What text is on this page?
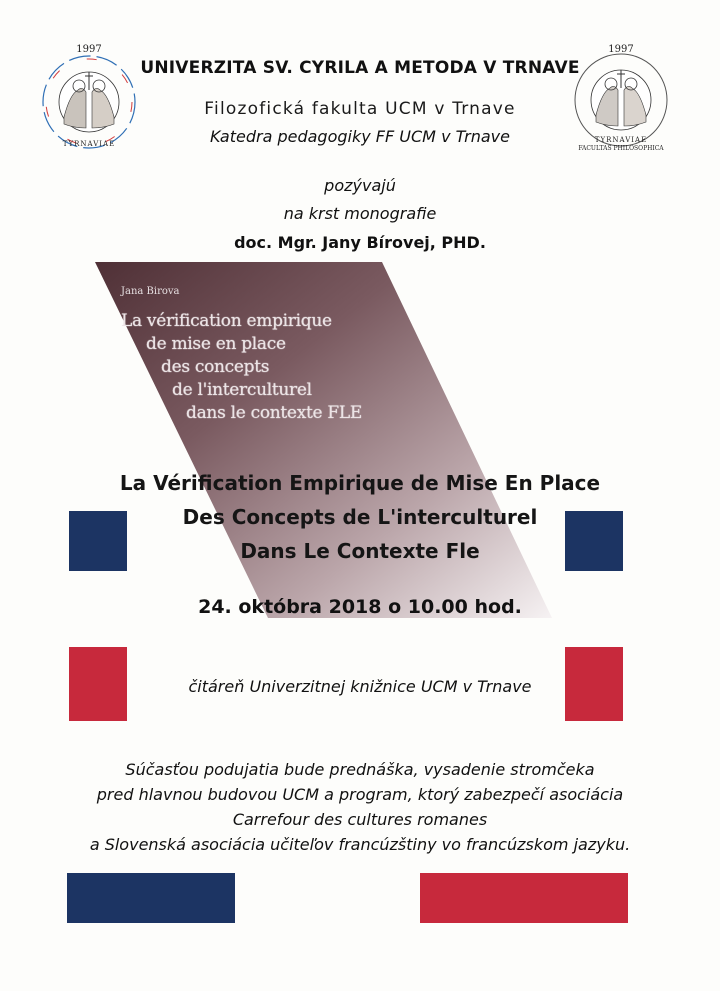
1997
TYRNAVIAE
1997
TYRNAVIAE
FACULTAS PHILOSOPHICA
UNIVERZITA SV. CYRILA A METODA V TRNAVE
Filozofická fakulta UCM v Trnave
Katedra pedagogiky FF UCM v Trnave
pozývajú
na krst monografie
doc. Mgr. Jany Bírovej, PHD.
Jana Birova
La vérification empirique
de mise en place
des concepts
de l'interculturel
dans le contexte FLE
La Vérification Empirique de Mise En Place
Des Concepts de L'interculturel
Dans Le Contexte Fle
24. októbra 2018 o 10.00 hod.
čitáreň Univerzitnej knižnice UCM v Trnave
Súčasťou podujatia bude prednáška, vysadenie stromčeka
pred hlavnou budovou UCM a program, ktorý zabezpečí asociácia
Carrefour des cultures romanes
a Slovenská asociácia učiteľov francúzštiny vo francúzskom jazyku.
